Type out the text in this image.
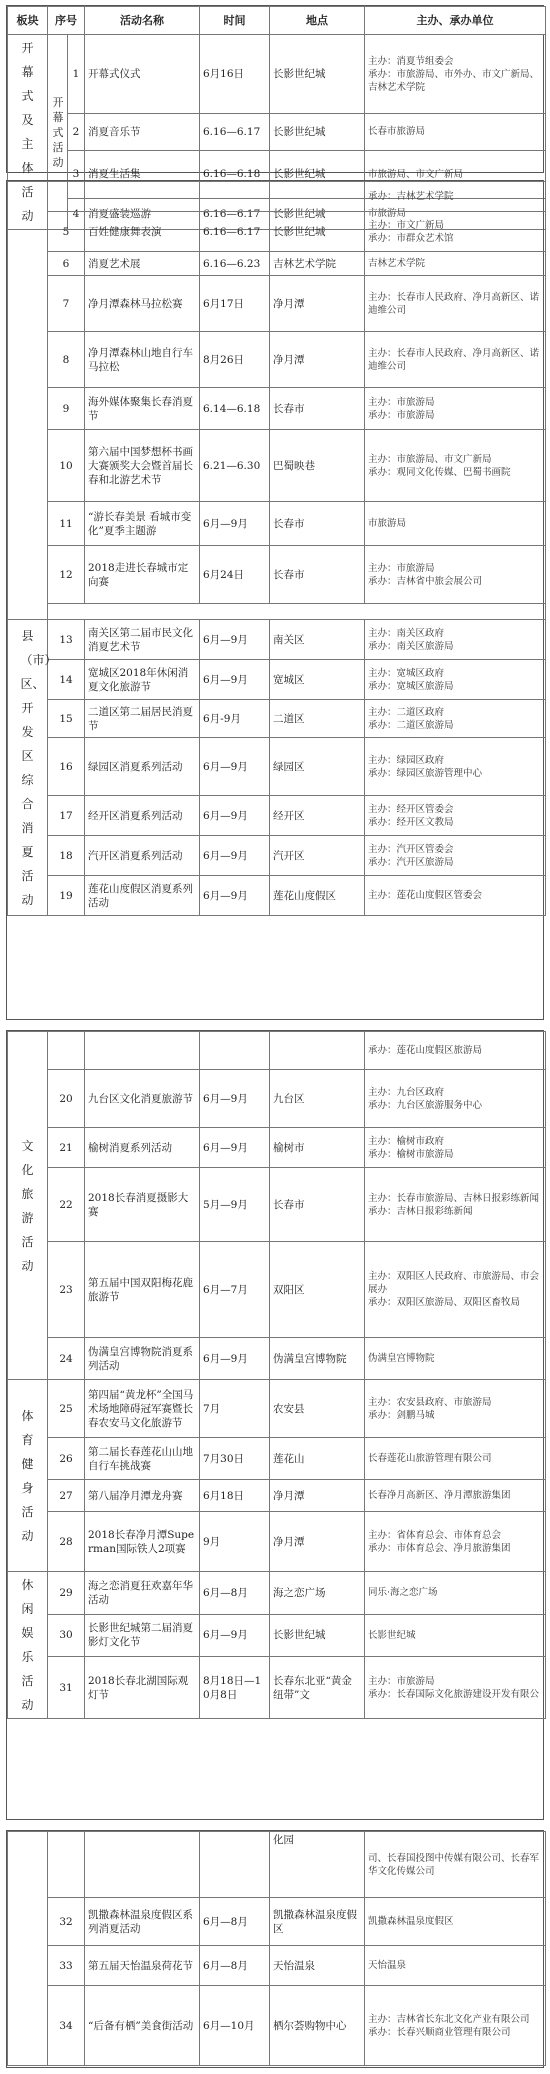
板块	序号		活动名称	时间	地点	主办、承办单位
开幕式及主体活动	开幕式活动	1	开幕式仪式	6月16日	长影世纪城	主办：消夏节组委会
承办：市旅游局、市外办、市文广新局、吉林艺术学院
		2	消夏音乐节	6.16—6.17	长影世纪城	长春市旅游局
		3	消夏生活集	6.16—6.18	长影世纪城	市旅游局、市文广新局
		4	消夏盛装巡游	6.16—6.17	长影世纪城	市旅游局
					承办：吉林艺术学院
	5	百姓健康舞表演	6.16—6.17	长影世纪城	主办：市文广新局
承办：市群众艺术馆
	6	消夏艺术展	6.16—6.23	吉林艺术学院	吉林艺术学院
	7	净月潭森林马拉松赛	6月17日	净月潭	主办：长春市人民政府、净月高新区、诺迪维公司
	8	净月潭森林山地自行车马拉松	8月26日	净月潭	主办：长春市人民政府、净月高新区、诺迪维公司
	9	海外媒体聚集长春消夏节	6.14—6.18	长春市	主办：市旅游局
承办：市旅游局
	10	第六届中国梦想杯书画大赛颁奖大会暨首届长春和北游艺术节	6.21—6.30	巴蜀映巷	主办：市旅游局、市文广新局
承办：观同文化传媒、巴蜀书画院
	11	“游长春美景 看城市变化”夏季主题游	6月—9月	长春市	市旅游局
	12	2018走进长春城市定向赛	6月24日	长春市	主办：市旅游局
承办：吉林省中旅会展公司

县（市）区、开发区综合消夏活动	13	南关区第二届市民文化消夏艺术节	6月—9月	南关区	主办：南关区政府
承办：南关区旅游局
	14	宽城区2018年休闲消夏文化旅游节	6月—9月	宽城区	主办：宽城区政府
承办：宽城区旅游局
	15	二道区第二届居民消夏节	6月-9月	二道区	主办：二道区政府
承办：二道区旅游局
	16	绿园区消夏系列活动	6月—9月	绿园区	主办：绿园区政府
承办：绿园区旅游管理中心
	17	经开区消夏系列活动	6月—9月	经开区	主办：经开区管委会
承办：经开区文教局
	18	汽开区消夏系列活动	6月—9月	汽开区	主办：汽开区管委会
承办：汽开区旅游局
	19	莲花山度假区消夏系列活动	6月—9月	莲花山度假区	主办：莲花山度假区管委会
文化旅游活动					承办：莲花山度假区旅游局
	20	九台区文化消夏旅游节	6月—9月	九台区	主办：九台区政府
承办：九台区旅游服务中心
	21	榆树消夏系列活动	6月—9月	榆树市	主办：榆树市政府
承办：榆树市旅游局
	22	2018长春消夏摄影大赛	5月—9月	长春市	主办：长春市旅游局、吉林日报彩练新闻
承办：吉林日报彩练新闻
	23	第五届中国双阳梅花鹿旅游节	6月—7月	双阳区	主办：双阳区人民政府、市旅游局、市会展办
承办：双阳区旅游局、双阳区畜牧局
	24	伪满皇宫博物院消夏系列活动	6月—9月	伪满皇宫博物院	伪满皇宫博物院
体育健身活动	25	第四届“黄龙杯”全国马术场地障碍冠军赛暨长春农安马文化旅游节	7月	农安县	主办：农安县政府、市旅游局
承办：剑鹏马城
	26	第二届长春莲花山山地自行车挑战赛	7月30日	莲花山	长春莲花山旅游管理有限公司
	27	第八届净月潭龙舟赛	6月18日	净月潭	长春净月高新区、净月潭旅游集团
	28	2018长春净月潭Superman国际铁人2项赛	9月	净月潭	主办：省体育总会、市体育总会
承办：市体育总会、净月旅游集团
休闲娱乐活动	29	海之恋消夏狂欢嘉年华活动	6月—8月	海之恋广场	同乐·海之恋广场
	30	长影世纪城第二届消夏影灯文化节	6月—9月	长影世纪城	长影世纪城
	31	2018长春北湖国际观灯节	8月18日—10月8日	长春东北亚“黄金纽带”文	主办：市旅游局
承办：长春国际文化旅游建设开发有限公
				化园	司、长春国投图中传媒有限公司、长春军华文化传媒公司
	32	凯撒森林温泉度假区系列消夏活动	6月—8月	凯撒森林温泉度假区	凯撒森林温泉度假区
	33	第五届天怡温泉荷花节	6月—8月	天怡温泉	天怡温泉
	34	“后备有栖”美食街活动	6月—10月	栖尔荟购物中心	主办：吉林省长东北文化产业有限公司
承办：长春兴顺商业管理有限公司
